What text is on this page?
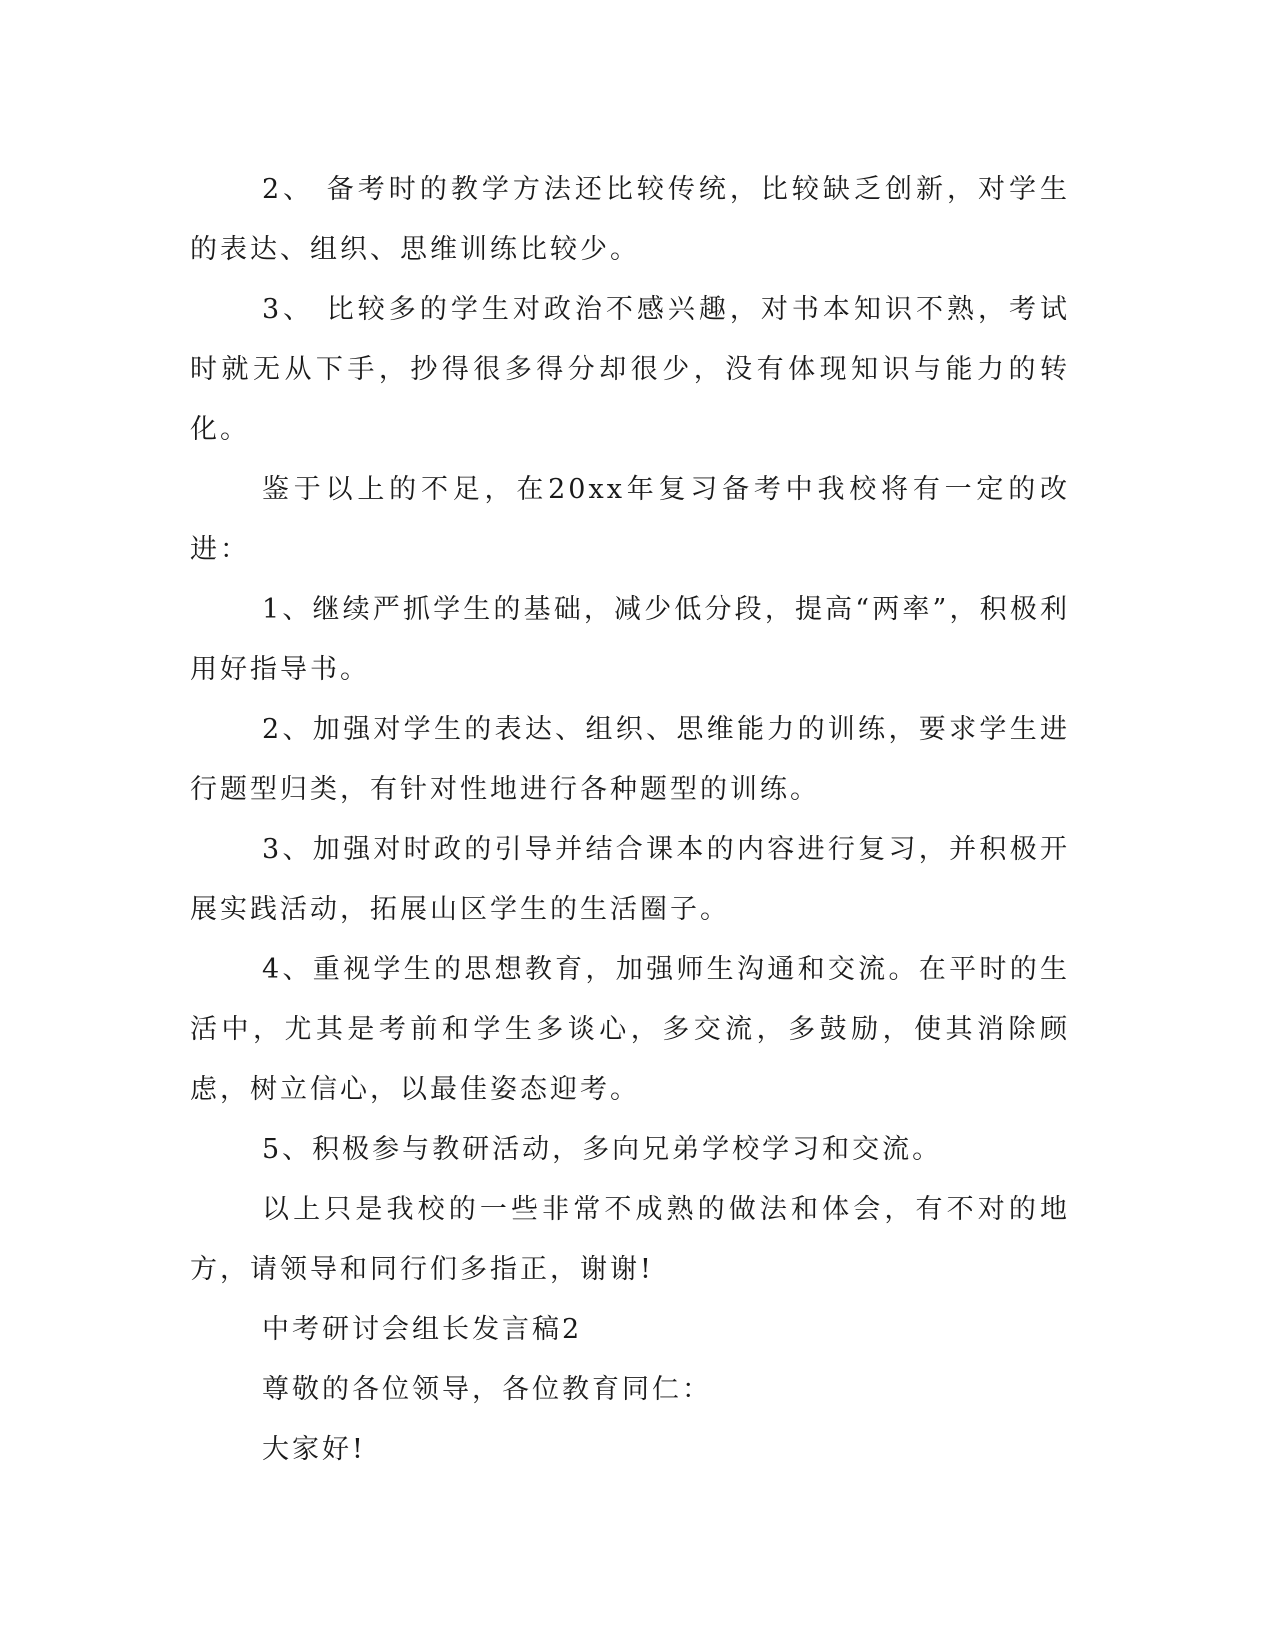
2、 备考时的教学方法还比较传统，比较缺乏创新，对学生的表达、组织、思维训练比较少。

3、 比较多的学生对政治不感兴趣，对书本知识不熟，考试时就无从下手，抄得很多得分却很少，没有体现知识与能力的转化。

鉴于以上的不足，在20xx年复习备考中我校将有一定的改进：

1、继续严抓学生的基础，减少低分段，提高“两率”，积极利用好指导书。

2、加强对学生的表达、组织、思维能力的训练，要求学生进行题型归类，有针对性地进行各种题型的训练。

3、加强对时政的引导并结合课本的内容进行复习，并积极开展实践活动，拓展山区学生的生活圈子。

4、重视学生的思想教育，加强师生沟通和交流。在平时的生活中，尤其是考前和学生多谈心，多交流，多鼓励，使其消除顾虑，树立信心，以最佳姿态迎考。

5、积极参与教研活动，多向兄弟学校学习和交流。

以上只是我校的一些非常不成熟的做法和体会，有不对的地方，请领导和同行们多指正，谢谢!

中考研讨会组长发言稿2

尊敬的各位领导，各位教育同仁：

大家好!
